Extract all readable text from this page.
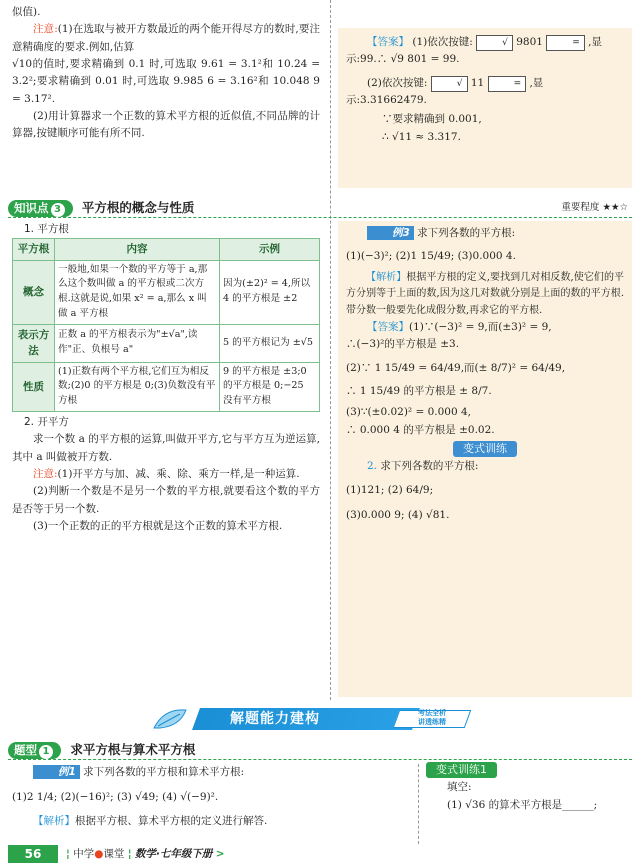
似值).
注意:(1)在选取与被开方数最近的两个能开得尽方的数时,要注意精确度的要求.例如,估算
√10的值时,要求精确到 0.1 时,可选取 9.61 = 3.1²和 10.24 = 3.2²;要求精确到 0.01 时,可选取 9.985 6 = 3.16²和 10.048 9 = 3.17².
(2)用计算器求一个正数的算术平方根的近似值,不同品牌的计算器,按键顺序可能有所不同.
【答案】 (1)依次按键:	√ 9801	= ,显示:99.∴ √9 801 = 99.
(2)依次按键:	√ 11	= ,显示:3.31662479.
∵要求精确到 0.001,
∴ √11 ≈ 3.317.
知识点 3 平方根的概念与性质	重要程度 ★★☆
1. 平方根
平方根	内容	示例
概念	一般地,如果一个数的平方等于 a,那么这个数叫做 a 的平方根或二次方根.这就是说,如果 x² = a,那么 x 叫做 a 平方根	因为(±2)² = 4,所以 4 的平方根是 ±2
表示方法	正数 a 的平方根表示为"±√a",读作"正、负根号 a"	5 的平方根记为 ±√5
性质	(1)正数有两个平方根,它们互为相反数;(2)0 的平方根是 0;(3)负数没有平方根	9 的平方根是 ±3;0 的平方根是 0;−25 没有平方根
2. 开平方
求一个数 a 的平方根的运算,叫做开平方,它与平方互为逆运算,其中 a 叫做被开方数.
注意:(1)开平方与加、减、乘、除、乘方一样,是一种运算.
(2)判断一个数是不是另一个数的平方根,就要看这个数的平方是否等于另一个数.
(3)一个正数的正的平方根就是这个正数的算术平方根.
例3 求下列各数的平方根:
(1)(−3)²; (2)1 15/49; (3)0.000 4.
【解析】根据平方根的定义,要找到几对相反数,使它们的平方分别等于上面的数,因为这几对数就分别是上面的数的平方根.带分数一般要先化成假分数,再求它的平方根.
【答案】(1)∵(−3)² = 9,而(±3)² = 9,
∴(−3)²的平方根是 ±3.
(2)∵ 1 15/49 = 64/49,而(± 8/7)² = 64/49,
∴ 1 15/49 的平方根是 ± 8/7.
(3)∵(±0.02)² = 0.000 4,
∴ 0.000 4 的平方根是 ±0.02.
变式训练
2. 求下列各数的平方根:
(1)121; (2) 64/9;
(3)0.000 9; (4) √81.
解题能力建构	考法全析
讲透练精
题型 1 求平方根与算术平方根
例1 求下列各数的平方根和算术平方根:
(1)2 1/4; (2)(−16)²; (3) √49; (4) √(−9)².
【解析】根据平方根、算术平方根的定义进行解答.
变式训练1
填空:
(1) √36 的算术平方根是______;
56	¦ 中学●课堂 ¦ 数学·七年级下册 >
